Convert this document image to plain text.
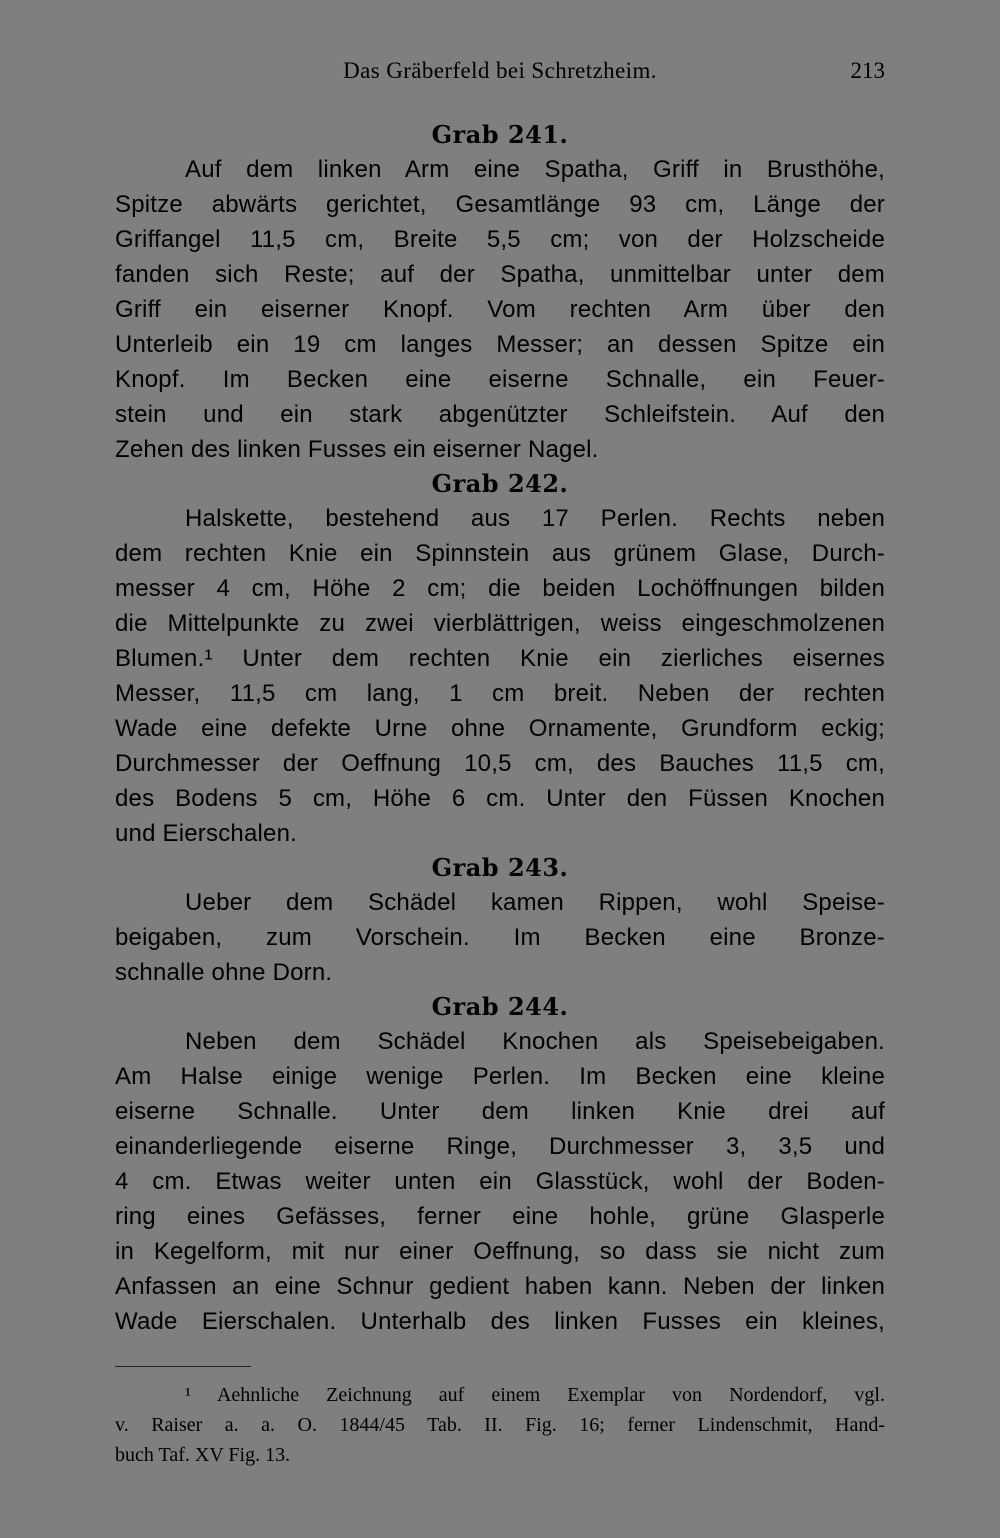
Das Gräberfeld bei Schretzheim.	213
Grab 241.
Auf dem linken Arm eine Spatha, Griff in Brusthöhe,
Spitze abwärts gerichtet, Gesamtlänge 93 cm, Länge der
Griffangel 11,5 cm, Breite 5,5 cm; von der Holzscheide
fanden sich Reste; auf der Spatha, unmittelbar unter dem
Griff ein eiserner Knopf. Vom rechten Arm über den
Unterleib ein 19 cm langes Messer; an dessen Spitze ein
Knopf. Im Becken eine eiserne Schnalle, ein Feuer-
stein und ein stark abgenützter Schleifstein. Auf den
Zehen des linken Fusses ein eiserner Nagel.
Grab 242.
Halskette, bestehend aus 17 Perlen. Rechts neben
dem rechten Knie ein Spinnstein aus grünem Glase, Durch-
messer 4 cm, Höhe 2 cm; die beiden Lochöffnungen bilden
die Mittelpunkte zu zwei vierblättrigen, weiss eingeschmolzenen
Blumen.¹ Unter dem rechten Knie ein zierliches eisernes
Messer, 11,5 cm lang, 1 cm breit. Neben der rechten
Wade eine defekte Urne ohne Ornamente, Grundform eckig;
Durchmesser der Oeffnung 10,5 cm, des Bauches 11,5 cm,
des Bodens 5 cm, Höhe 6 cm. Unter den Füssen Knochen
und Eierschalen.
Grab 243.
Ueber dem Schädel kamen Rippen, wohl Speise-
beigaben, zum Vorschein. Im Becken eine Bronze-
schnalle ohne Dorn.
Grab 244.
Neben dem Schädel Knochen als Speisebeigaben.
Am Halse einige wenige Perlen. Im Becken eine kleine
eiserne Schnalle. Unter dem linken Knie drei auf
einanderliegende eiserne Ringe, Durchmesser 3, 3,5 und
4 cm. Etwas weiter unten ein Glasstück, wohl der Boden-
ring eines Gefässes, ferner eine hohle, grüne Glasperle
in Kegelform, mit nur einer Oeffnung, so dass sie nicht zum
Anfassen an eine Schnur gedient haben kann. Neben der linken
Wade Eierschalen. Unterhalb des linken Fusses ein kleines,
¹ Aehnliche Zeichnung auf einem Exemplar von Nordendorf, vgl.
v. Raiser a. a. O. 1844/45 Tab. II. Fig. 16; ferner Lindenschmit, Hand-
buch Taf. XV Fig. 13.
